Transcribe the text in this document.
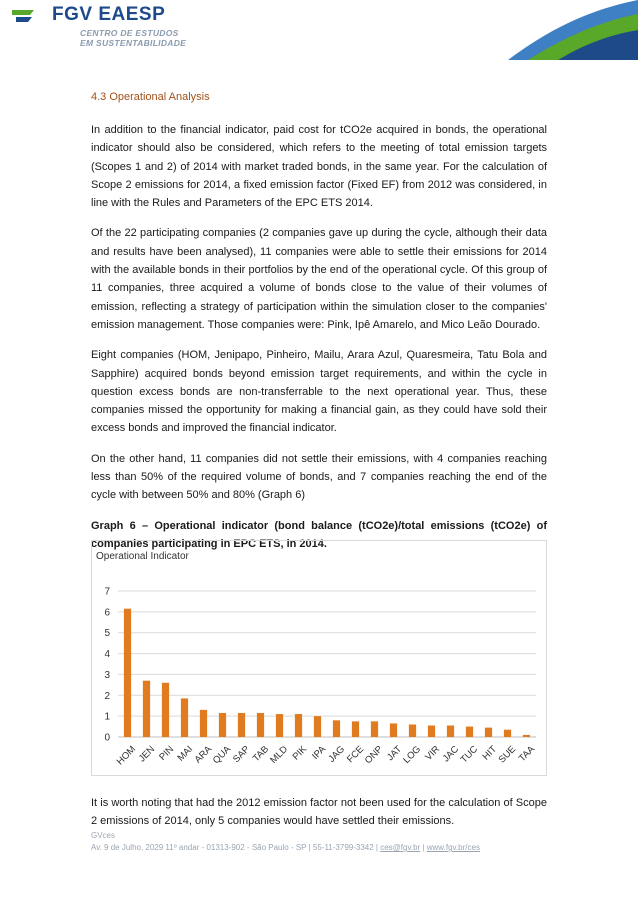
FGV EAESP
CENTRO DE ESTUDOS
EM SUSTENTABILIDADE
4.3 Operational Analysis

In addition to the financial indicator, paid cost for tCO2e acquired in bonds, the operational indicator should also be considered, which refers to the meeting of total emission targets (Scopes 1 and 2) of 2014 with market traded bonds, in the same year. For the calculation of Scope 2 emissions for 2014, a fixed emission factor (Fixed EF) from 2012 was considered, in line with the Rules and Parameters of the EPC ETS 2014.

Of the 22 participating companies (2 companies gave up during the cycle, although their data and results have been analysed), 11 companies were able to settle their emissions for 2014 with the available bonds in their portfolios by the end of the operational cycle. Of this group of 11 companies, three acquired a volume of bonds close to the value of their volumes of emission, reflecting a strategy of participation within the simulation closer to the companies' emission management. Those companies were: Pink, Ipê Amarelo, and Mico Leão Dourado.

Eight companies (HOM, Jenipapo, Pinheiro, Mailu, Arara Azul, Quaresmeira, Tatu Bola and Sapphire) acquired bonds beyond emission target requirements, and within the cycle in question excess bonds are non-transferrable to the next operational year. Thus, these companies missed the opportunity for making a financial gain, as they could have sold their excess bonds and improved the financial indicator.

On the other hand, 11 companies did not settle their emissions, with 4 companies reaching less than 50% of the required volume of bonds, and 7 companies reaching the end of the cycle with between 50% and 80% (Graph 6)

Graph 6 – Operational indicator (bond balance (tCO2e)/total emissions (tCO2e) of companies participating in EPC ETS, in 2014.

Operational Indicator
0
1
2
3
4
5
6
7
HOM
JEN PIN MAI
ARA
QUA
SAP
TAB
MLD PIK IPA
JAG
FCE
ONP JAT
LOG VIR
JAC
TUC HIT
SUE
TAA

It is worth noting that had the 2012 emission factor not been used for the calculation of Scope 2 emissions of 2014, only 5 companies would have settled their emissions.

GVces
Av. 9 de Julho, 2029 11º andar - 01313-902 - São Paulo - SP | 55-11-3799-3342 | ces@fgv.br | www.fgv.br/ces
